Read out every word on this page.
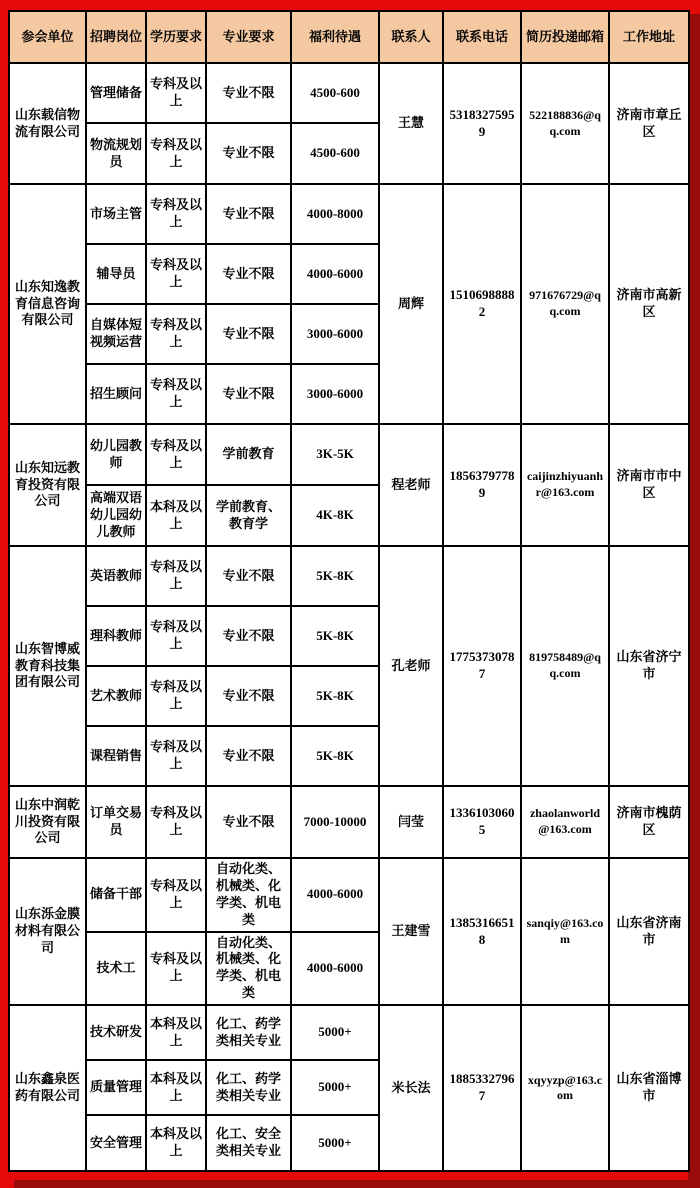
参会单位	招聘岗位	学历要求	专业要求	福利待遇	联系人	联系电话	简历投递邮箱	工作地址
山东载信物流有限公司	管理储备	专科及以上	专业不限	4500-600	王慧	53183275959	522188836@qq.com	济南市章丘区
	物流规划员	专科及以上	专业不限	4500-600				
山东知逸教育信息咨询有限公司	市场主管	专科及以上	专业不限	4000-8000	周辉	15106988882	971676729@qq.com	济南市高新区
	辅导员	专科及以上	专业不限	4000-6000				
	自媒体短视频运营	专科及以上	专业不限	3000-6000				
	招生顾问	专科及以上	专业不限	3000-6000				
山东知远教育投资有限公司	幼儿园教师	专科及以上	学前教育	3K-5K	程老师	18563797789	caijinzhiyuanhr@163.com	济南市市中区
	高端双语幼儿园幼儿教师	本科及以上	学前教育、教育学	4K-8K				
山东智博威教育科技集团有限公司	英语教师	专科及以上	专业不限	5K-8K	孔老师	17753730787	819758489@qq.com	山东省济宁市
	理科教师	专科及以上	专业不限	5K-8K				
	艺术教师	专科及以上	专业不限	5K-8K				
	课程销售	专科及以上	专业不限	5K-8K				
山东中润乾川投资有限公司	订单交易员	专科及以上	专业不限	7000-10000	闫莹	13361030605	zhaolanworld@163.com	济南市槐荫区
山东泺金膜材料有限公司	储备干部	专科及以上	自动化类、机械类、化学类、机电类	4000-6000	王建雪	13853166518	sanqiy@163.com	山东省济南市
	技术工	专科及以上	自动化类、机械类、化学类、机电类	4000-6000				
山东鑫泉医药有限公司	技术研发	本科及以上	化工、药学类相关专业	5000+	米长法	18853327967	xqyyzp@163.com	山东省淄博市
	质量管理	本科及以上	化工、药学类相关专业	5000+				
	安全管理	本科及以上	化工、安全类相关专业	5000+				
